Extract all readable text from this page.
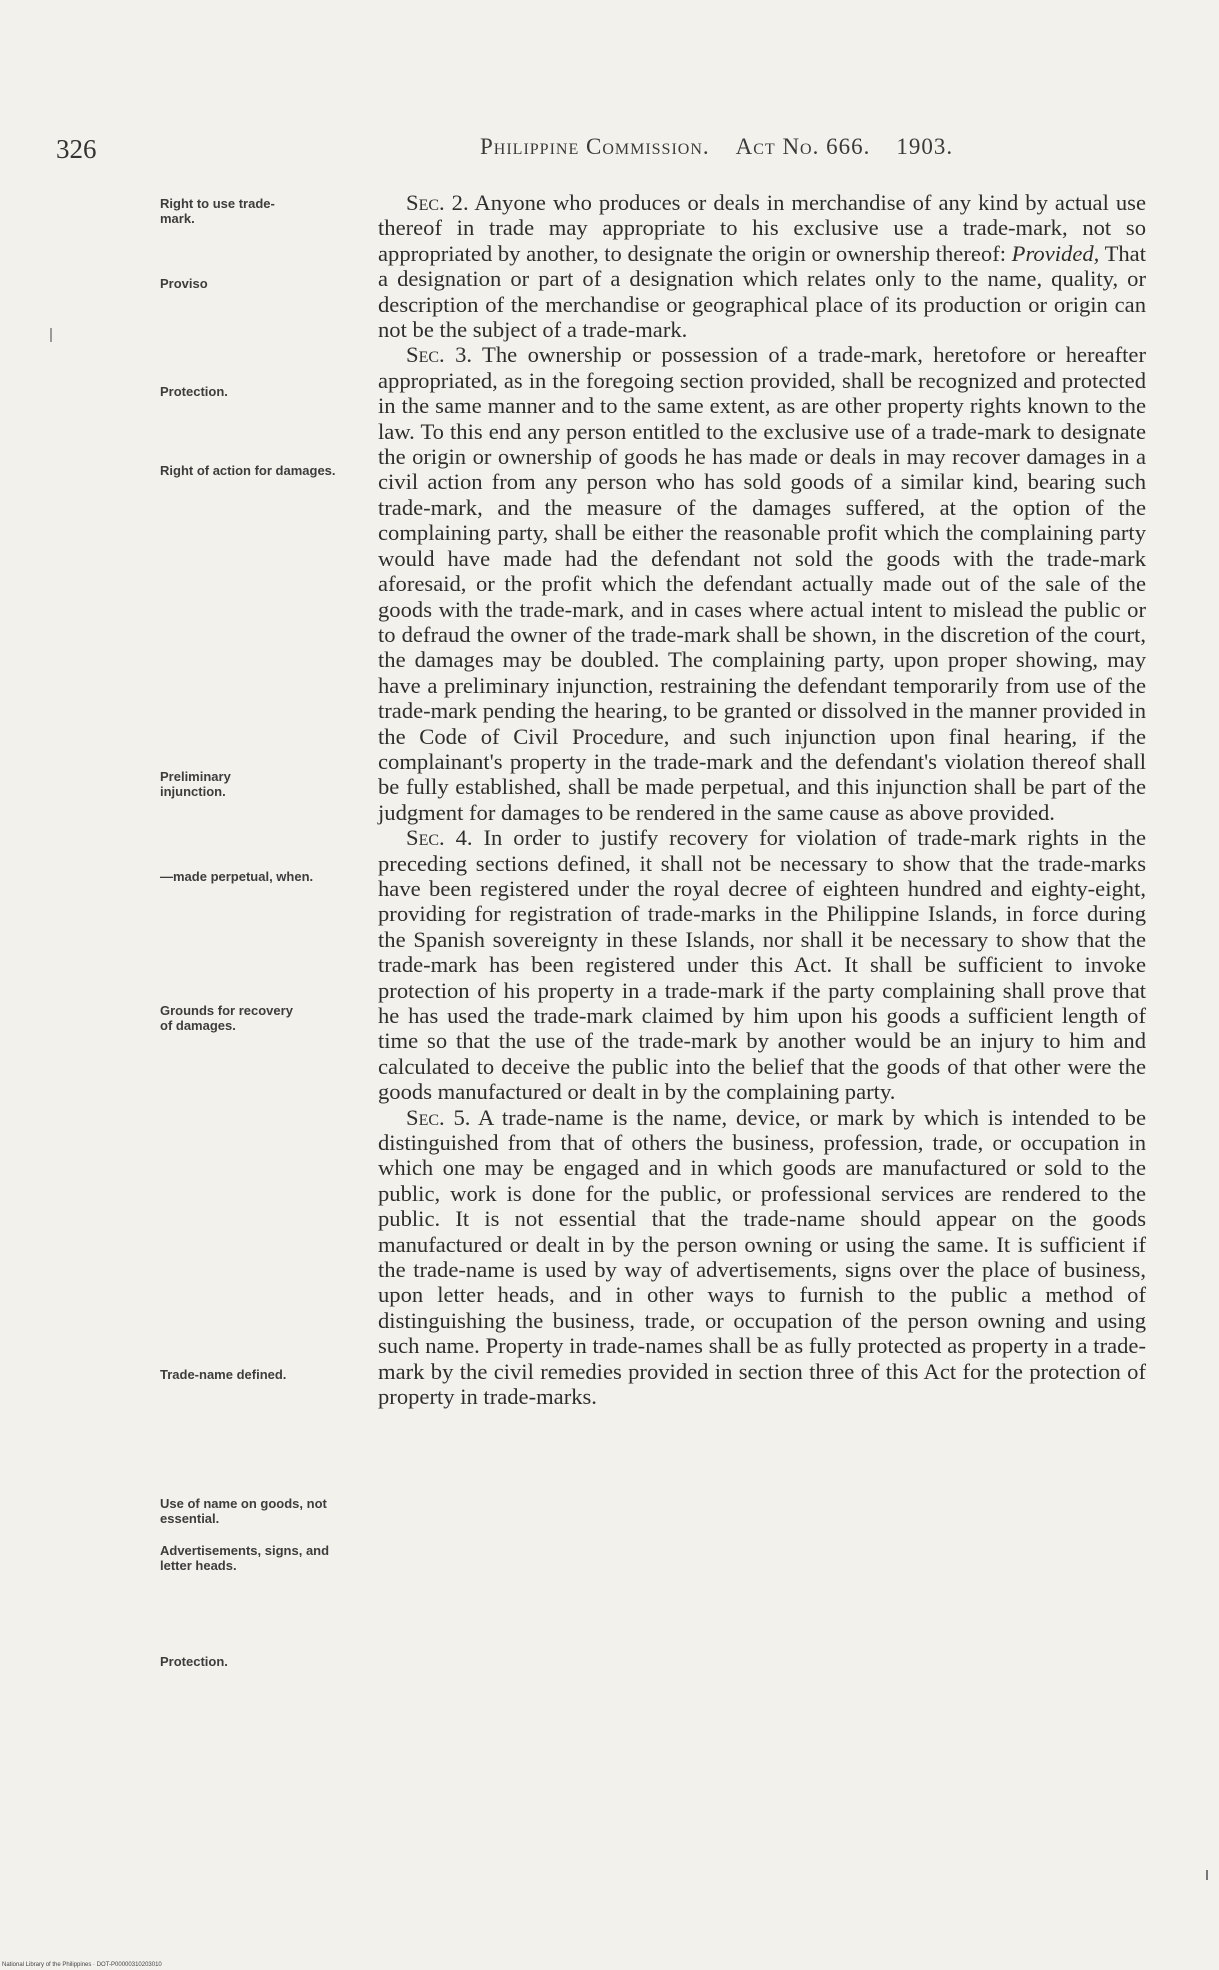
326	Philippine Commission. Act No. 666. 1903.
Right to use trade-mark.
Proviso
Protection.
Right of action for damages.
Preliminary injunction.
—made perpetual, when.
Grounds for recovery of damages.
Trade-name defined.
Use of name on goods, not essential.
Advertisements, signs, and letter heads.
Protection.

Sec. 2. Anyone who produces or deals in merchandise of any kind by actual use thereof in trade may appropriate to his exclusive use a trade-mark, not so appropriated by another, to designate the origin or ownership thereof: Provided, That a designation or part of a designation which relates only to the name, quality, or description of the merchandise or geographical place of its production or origin can not be the subject of a trade-mark.

Sec. 3. The ownership or possession of a trade-mark, heretofore or hereafter appropriated, as in the foregoing section provided, shall be recognized and protected in the same manner and to the same extent, as are other property rights known to the law. To this end any person entitled to the exclusive use of a trade-mark to designate the origin or ownership of goods he has made or deals in may recover damages in a civil action from any person who has sold goods of a similar kind, bearing such trade-mark, and the measure of the damages suffered, at the option of the complaining party, shall be either the reasonable profit which the complaining party would have made had the defendant not sold the goods with the trade-mark aforesaid, or the profit which the defendant actually made out of the sale of the goods with the trade-mark, and in cases where actual intent to mislead the public or to defraud the owner of the trade-mark shall be shown, in the discretion of the court, the damages may be doubled. The complaining party, upon proper showing, may have a preliminary injunction, restraining the defendant temporarily from use of the trade-mark pending the hearing, to be granted or dissolved in the manner provided in the Code of Civil Procedure, and such injunction upon final hearing, if the complainant's property in the trade-mark and the defendant's violation thereof shall be fully established, shall be made perpetual, and this injunction shall be part of the judgment for damages to be rendered in the same cause as above provided.

Sec. 4. In order to justify recovery for violation of trade-mark rights in the preceding sections defined, it shall not be necessary to show that the trade-marks have been registered under the royal decree of eighteen hundred and eighty-eight, providing for registration of trade-marks in the Philippine Islands, in force during the Spanish sovereignty in these Islands, nor shall it be necessary to show that the trade-mark has been registered under this Act. It shall be sufficient to invoke protection of his property in a trade-mark if the party complaining shall prove that he has used the trade-mark claimed by him upon his goods a sufficient length of time so that the use of the trade-mark by another would be an injury to him and calculated to deceive the public into the belief that the goods of that other were the goods manufactured or dealt in by the complaining party.

Sec. 5. A trade-name is the name, device, or mark by which is intended to be distinguished from that of others the business, profession, trade, or occupation in which one may be engaged and in which goods are manufactured or sold to the public, work is done for the public, or professional services are rendered to the public. It is not essential that the trade-name should appear on the goods manufactured or dealt in by the person owning or using the same. It is sufficient if the trade-name is used by way of advertisements, signs over the place of business, upon letter heads, and in other ways to furnish to the public a method of distinguishing the business, trade, or occupation of the person owning and using such name. Property in trade-names shall be as fully protected as property in a trade-mark by the civil remedies provided in section three of this Act for the protection of property in trade-marks.

National Library of the Philippines · DOT-P00000310203010
